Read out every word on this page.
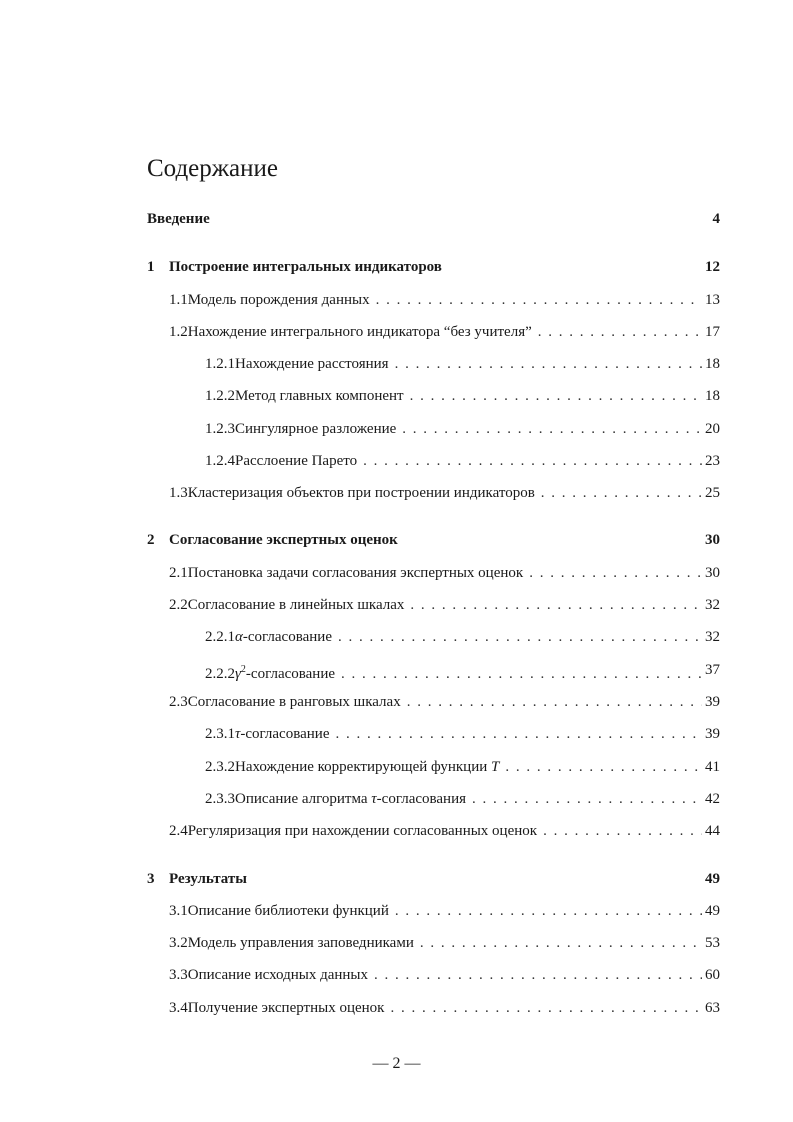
Содержание
Введение	4
1 Построение интегральных индикаторов	12
1.1 Модель порождения данных . . .	13
1.2 Нахождение интегрального индикатора “без учителя” . . .	17
1.2.1 Нахождение расстояния . . .	18
1.2.2 Метод главных компонент . . .	18
1.2.3 Сингулярное разложение . . .	20
1.2.4 Расслоение Парето . . .	23
1.3 Кластеризация объектов при построении индикаторов . . .	25
2 Согласование экспертных оценок	30
2.1 Постановка задачи согласования экспертных оценок . . .	30
2.2 Согласование в линейных шкалах . . .	32
2.2.1 α-согласование . . .	32
2.2.2 $\gamma^2$-согласование . . .	37
2.3 Согласование в ранговых шкалах . . .	39
2.3.1 τ-согласование . . .	39
2.3.2 Нахождение корректирующей функции T . . .	41
2.3.3 Описание алгоритма τ-согласования . . .	42
2.4 Регуляризация при нахождении согласованных оценок . . .	44
3 Результаты	49
3.1 Описание библиотеки функций . . .	49
3.2 Модель управления заповедниками . . .	53
3.3 Описание исходных данных . . .	60
3.4 Получение экспертных оценок . . .	63
— 2 —
